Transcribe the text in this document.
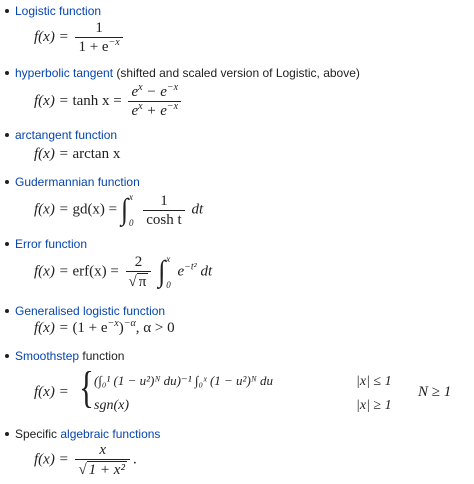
Logistic function
$f(x) = \frac{1}{1 + e^{-x}}$
hyperbolic tangent (shifted and scaled version of Logistic, above)
$f(x) = \tanh x = \frac{e^x - e^{-x}}{e^x + e^{-x}}$
arctangent function
f(x) = arctan x
Gudermannian function
f(x) = gd(x) = ∫ x
0
$\frac{1}{\text{cosh t}}$ dt
Error function
$f(x) = erf(x) = \frac{2}{√ \pi}$ ∫ x
0
$e^{-t^2}$ dt
Generalised logistic function
$f(x) = (1 + e^{-x})^{-\alpha}$, α > 0
Smoothstep function
f(x) = { (∫₀¹ (1 − u²)ᴺ du)⁻¹ ∫₀ˣ (1 − u²)ᴺ du
sgn(x)
|x| ≤ 1
|x| ≥ 1
N ≥ 1
Specific algebraic functions
$f(x) = \frac{x}{\text{√ 1 + x²}}$ .
